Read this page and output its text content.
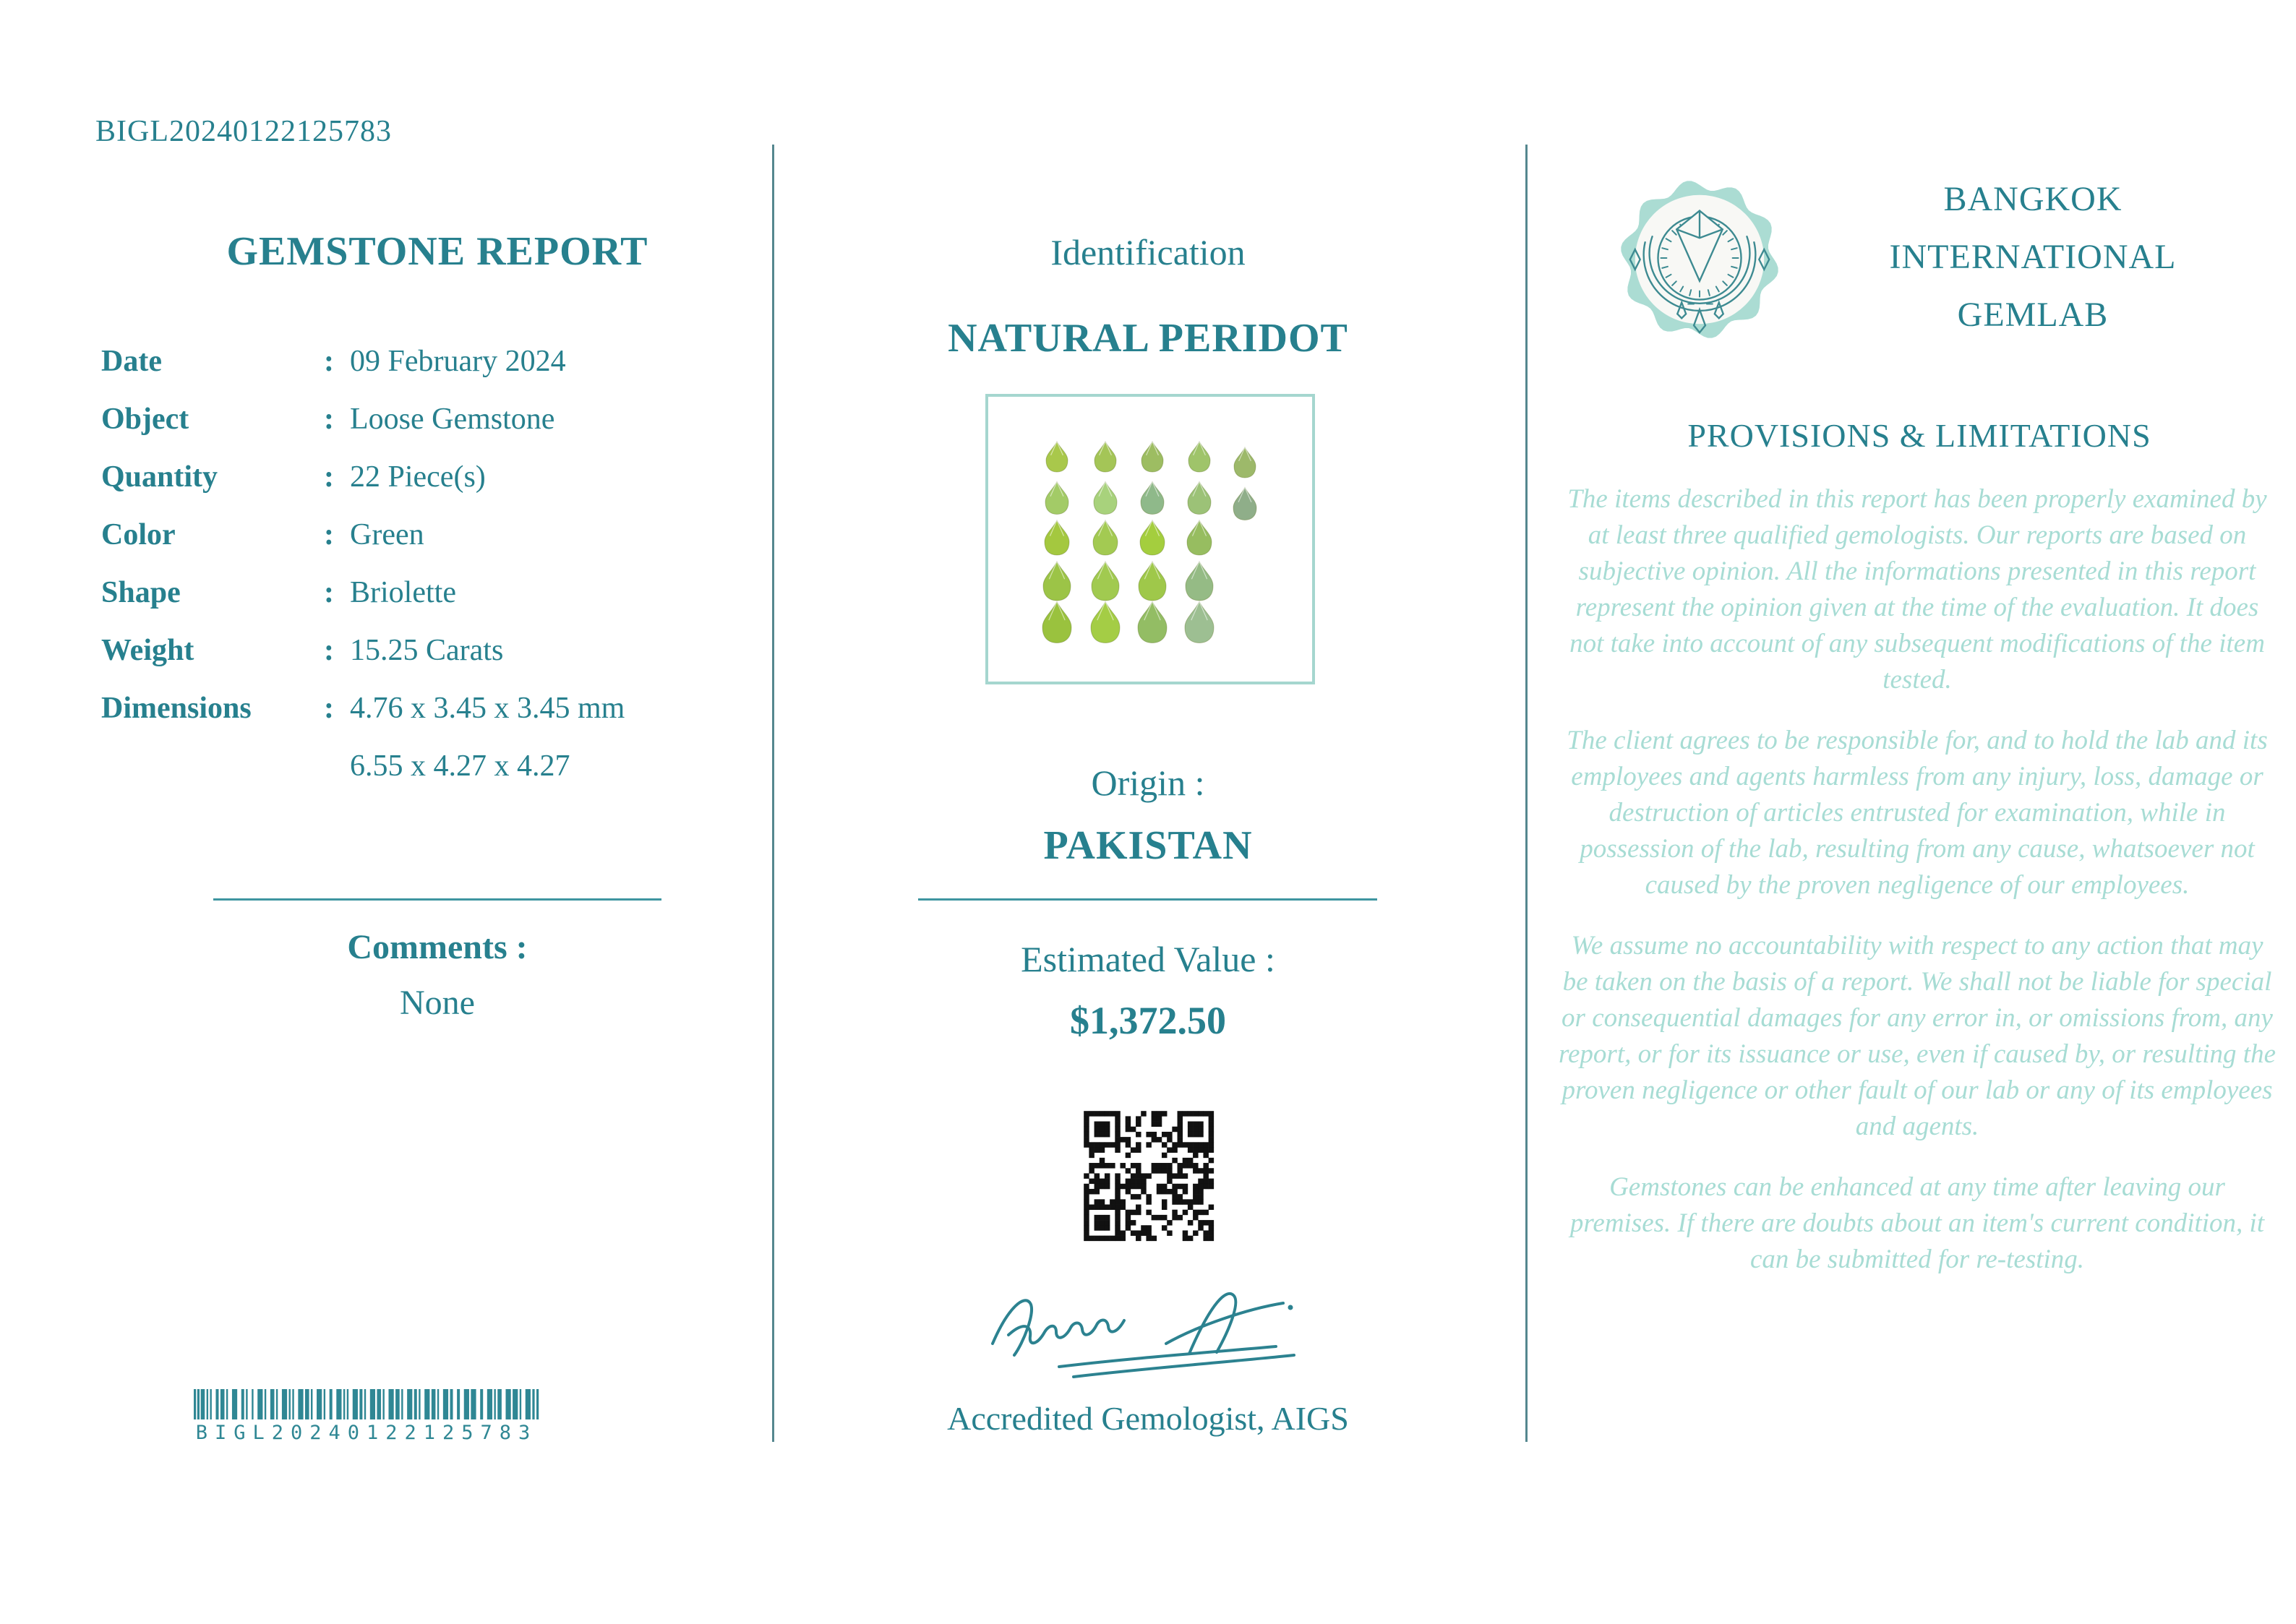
BIGL20240122125783
GEMSTONE REPORT
Date	: 09 February 2024
Object	: Loose Gemstone
Quantity	: 22 Piece(s)
Color	: Green
Shape	: Briolette
Weight	: 15.25 Carats
Dimensions	: 4.76 x 3.45 x 3.45 mm
6.55 x 4.27 x 4.27
Comments :
None
BIGL20240122125783
Identification
NATURAL PERIDOT
Origin :
PAKISTAN
Estimated Value :
$1,372.50
Accredited Gemologist, AIGS
BANGKOK
INTERNATIONAL
GEMLAB
PROVISIONS & LIMITATIONS

The items described in this report has been properly examined by at least three qualified gemologists. Our reports are based on subjective opinion. All the informations presented in this report represent the opinion given at the time of the evaluation. It does not take into account of any subsequent modifications of the item tested.

The client agrees to be responsible for, and to hold the lab and its employees and agents harmless from any injury, loss, damage or destruction of articles entrusted for examination, while in possession of the lab, resulting from any cause, whatsoever not caused by the proven negligence of our employees.

We assume no accountability with respect to any action that may be taken on the basis of a report. We shall not be liable for special or consequential damages for any error in, or omissions from, any report, or for its issuance or use, even if caused by, or resulting the proven negligence or other fault of our lab or any of its employees and agents.

Gemstones can be enhanced at any time after leaving our premises. If there are doubts about an item's current condition, it can be submitted for re-testing.
